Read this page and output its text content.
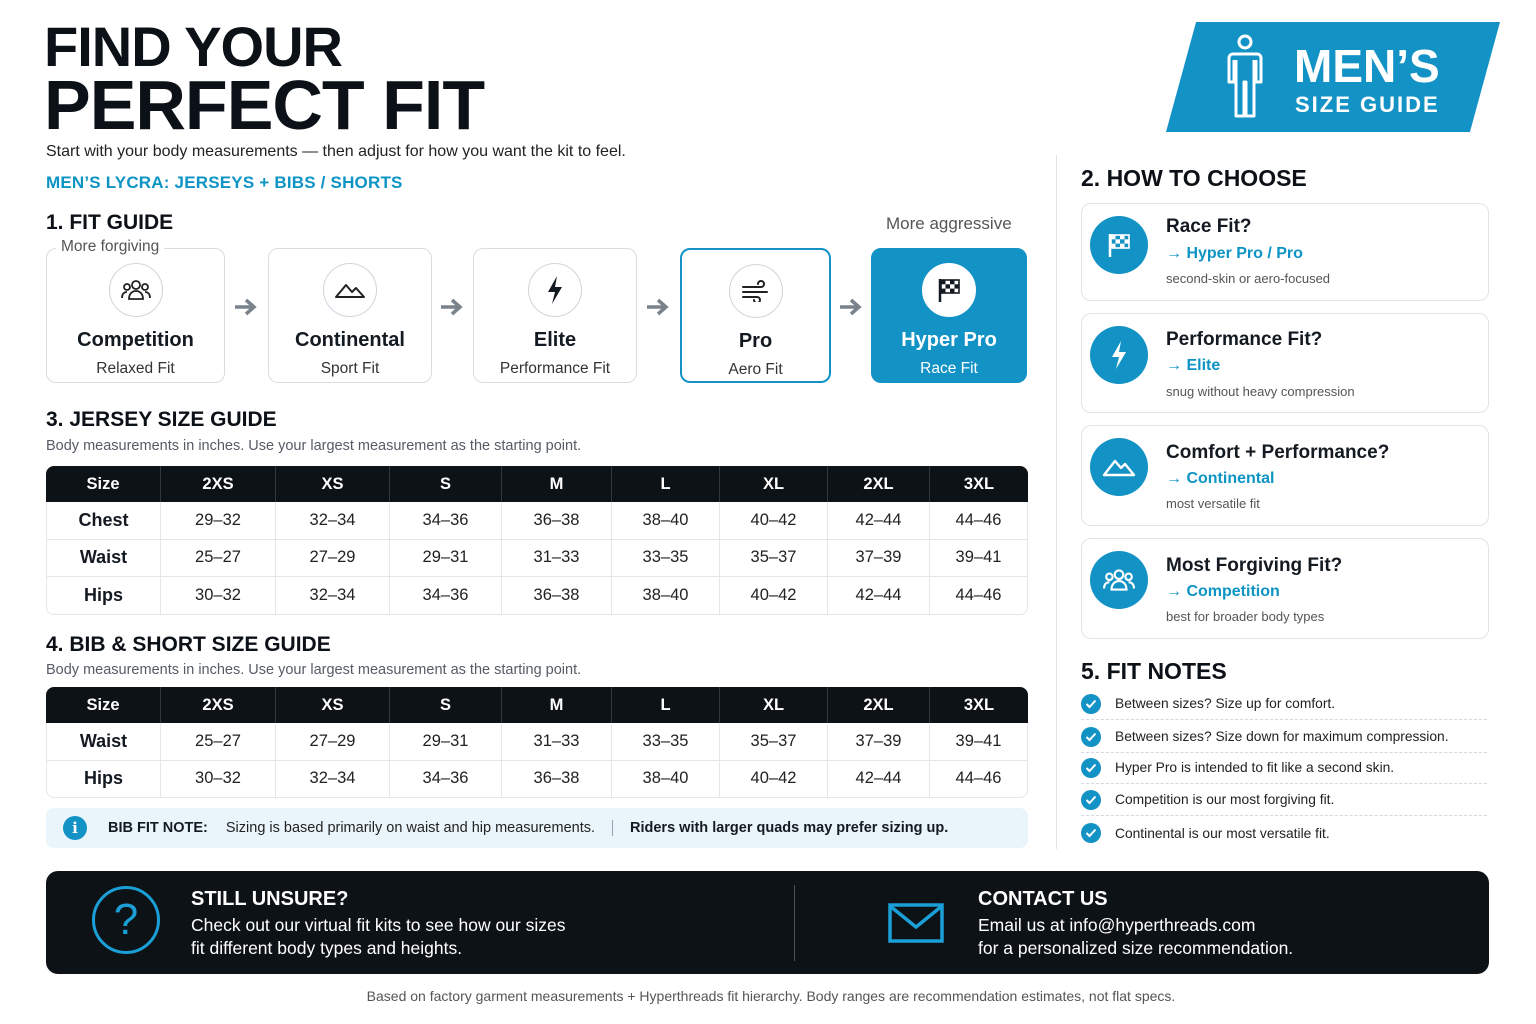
FIND YOUR
PERFECT FIT
Start with your body measurements — then adjust for how you want the kit to feel.
MEN’S LYCRA: JERSEYS + BIBS / SHORTS
MEN’S
SIZE GUIDE
1. FIT GUIDE	More aggressive
Competition
Relaxed Fit
More forgiving
Continental
Sport Fit
Elite
Performance Fit
Pro
Aero Fit
Hyper Pro
Race Fit
3. JERSEY SIZE GUIDE
Body measurements in inches. Use your largest measurement as the starting point.
Size	2XS	XS	S	M	L	XL	2XL	3XL
Chest	29–32	32–34	34–36	36–38	38–40	40–42	42–44	44–46
Waist	25–27	27–29	29–31	31–33	33–35	35–37	37–39	39–41
Hips	30–32	32–34	34–36	36–38	38–40	40–42	42–44	44–46
4. BIB & SHORT SIZE GUIDE
Body measurements in inches. Use your largest measurement as the starting point.
Size	2XS	XS	S	M	L	XL	2XL	3XL
Waist	25–27	27–29	29–31	31–33	33–35	35–37	37–39	39–41
Hips	30–32	32–34	34–36	36–38	38–40	40–42	42–44	44–46
i	BIB FIT NOTE: Sizing is based primarily on waist and hip measurements. Riders with larger quads may prefer sizing up.
2. HOW TO CHOOSE
Race Fit?
→ Hyper Pro / Pro
second-skin or aero-focused
Performance Fit?
→ Elite
snug without heavy compression
Comfort + Performance?
→ Continental
most versatile fit
Most Forgiving Fit?
→ Competition
best for broader body types
5. FIT NOTES
Between sizes? Size up for comfort.
Between sizes? Size down for maximum compression.
Hyper Pro is intended to fit like a second skin.
Competition is our most forgiving fit.
Continental is our most versatile fit.
?	STILL UNSURE?
Check out our virtual fit kits to see how our sizes
fit different body types and heights.
CONTACT US
Email us at info@hyperthreads.com
for a personalized size recommendation.
Based on factory garment measurements + Hyperthreads fit hierarchy. Body ranges are recommendation estimates, not flat specs.
